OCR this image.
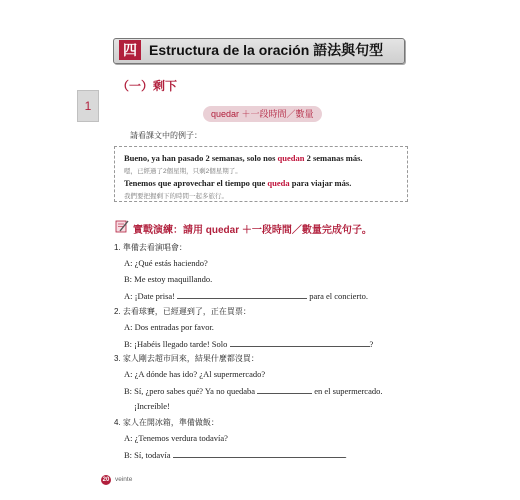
四 Estructura de la oración 語法與句型
1
（一）剩下
quedar ＋一段時間／數量
請看課文中的例子：
Bueno, ya han pasado 2 semanas, solo nos quedan 2 semanas más.
嗯，已經過了2個星期，只剩2個星期了。
Tenemos que aprovechar el tiempo que queda para viajar más.
我們要把握剩下的時間一起多旅行。
實戰演練：請用 quedar ＋一段時間／數量完成句子。
1. 準備去看演唱會：
A: ¿Qué estás haciendo?
B: Me estoy maquillando.
A: ¡Date prisa!	para el concierto.
2. 去看球賽，已經遲到了，正在買票：
A: Dos entradas por favor.
B: ¡Habéis llegado tarde! Solo	?
3. 家人剛去超市回來，結果什麼都沒買：
A: ¿A dónde has ido? ¿Al supermercado?
B: Sí, ¿pero sabes qué? Ya no quedaba	en el supermercado.
¡Increíble!
4. 家人在開冰箱，準備做飯：
A: ¿Tenemos verdura todavía?
B: Sí, todavía	.
20 veinte
